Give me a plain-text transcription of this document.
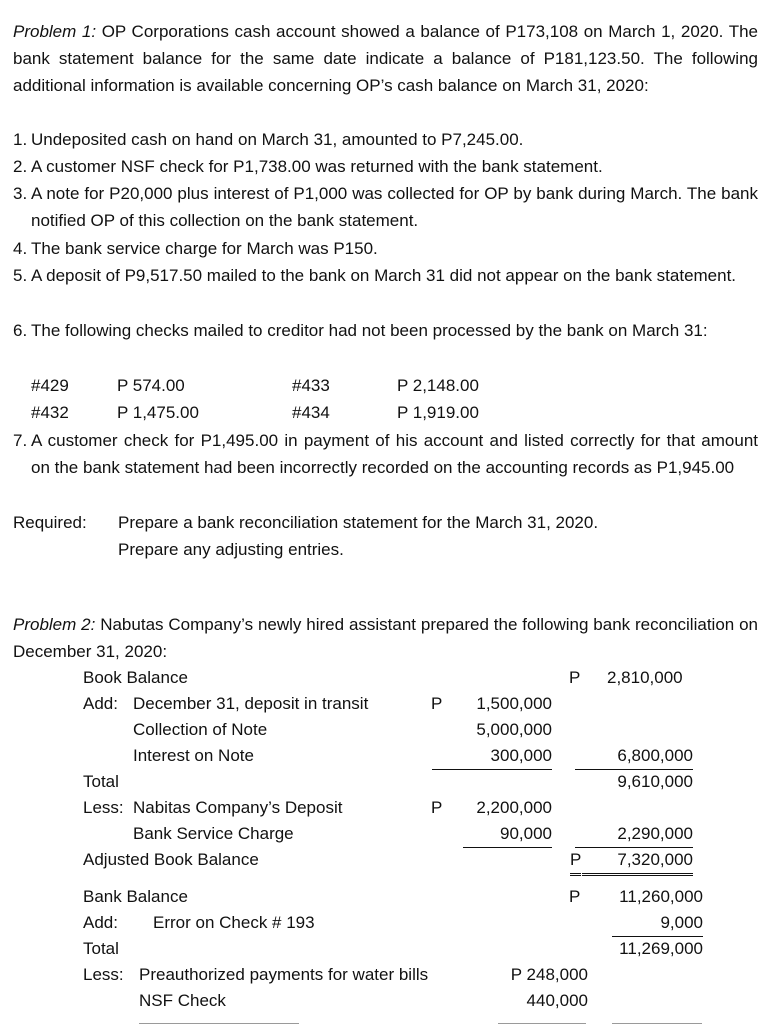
Problem 1: OP Corporations cash account showed a balance of P173,108 on March 1, 2020. The bank statement balance for the same date indicate a balance of P181,123.50. The following additional information is available concerning OP’s cash balance on March 31, 2020:

1. Undeposited cash on hand on March 31, amounted to P7,245.00.
2. A customer NSF check for P1,738.00 was returned with the bank statement.
3. A note for P20,000 plus interest of P1,000 was collected for OP by bank during March. The bank notified OP of this collection on the bank statement.
4. The bank service charge for March was P150.
5. A deposit of P9,517.50 mailed to the bank on March 31 did not appear on the bank statement.
6. The following checks mailed to creditor had not been processed by the bank on March 31:
#429	P 574.00	#433	P 2,148.00
#432	P 1,475.00	#434	P 1,919.00
7. A customer check for P1,495.00 in payment of his account and listed correctly for that amount on the bank statement had been incorrectly recorded on the accounting records as P1,945.00
Required: Prepare a bank reconciliation statement for the March 31, 2020.
Prepare any adjusting entries.

Problem 2: Nabutas Company’s newly hired assistant prepared the following bank reconciliation on December 31, 2020:

Book Balance	P 2,810,000
Add: December 31, deposit in transit	P	1,500,000
Collection of Note	5,000,000
Interest on Note	300,000	6,800,000
Total	9,610,000
Less: Nabitas Company’s Deposit	P	2,200,000
Bank Service Charge	90,000	2,290,000
Adjusted Book Balance	P	7,320,000
Bank Balance	P	11,260,000
Add: Error on Check # 193	9,000
Total	11,269,000
Less: Preauthorized payments for water bills	P 248,000
NSF Check	440,000
